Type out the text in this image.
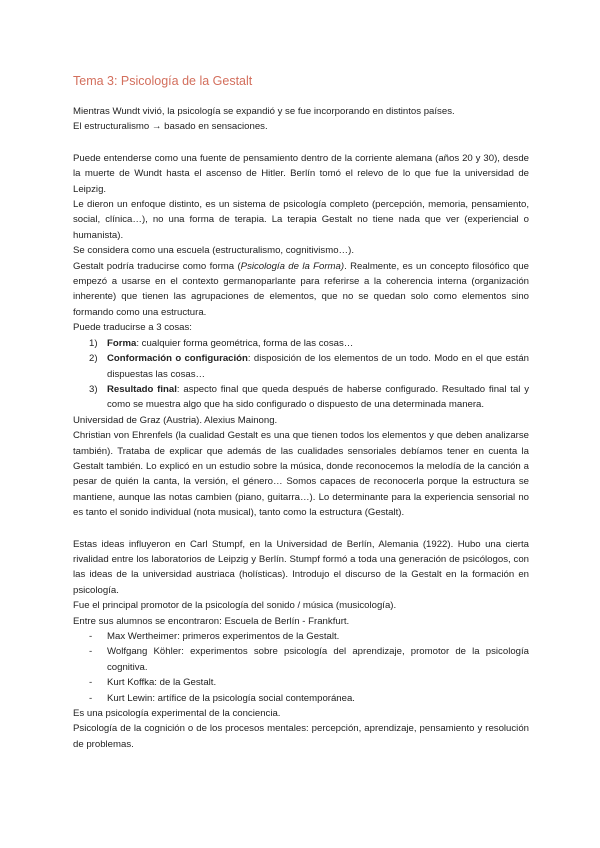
Tema 3: Psicología de la Gestalt

Mientras Wundt vivió, la psicología se expandió y se fue incorporando en distintos países.

El estructuralismo → basado en sensaciones.

Puede entenderse como una fuente de pensamiento dentro de la corriente alemana (años 20 y 30), desde la muerte de Wundt hasta el ascenso de Hitler. Berlín tomó el relevo de lo que fue la universidad de Leipzig.

Le dieron un enfoque distinto, es un sistema de psicología completo (percepción, memoria, pensamiento, social, clínica…), no una forma de terapia. La terapia Gestalt no tiene nada que ver (experiencial o humanista).

Se considera como una escuela (estructuralismo, cognitivismo…).

Gestalt podría traducirse como forma (Psicología de la Forma). Realmente, es un concepto filosófico que empezó a usarse en el contexto germanoparlante para referirse a la coherencia interna (organización inherente) que tienen las agrupaciones de elementos, que no se quedan solo como elementos sino formando como una estructura.

Puede traducirse a 3 cosas:

1) Forma: cualquier forma geométrica, forma de las cosas…
2) Conformación o configuración: disposición de los elementos de un todo. Modo en el que están dispuestas las cosas…
3) Resultado final: aspecto final que queda después de haberse configurado. Resultado final tal y como se muestra algo que ha sido configurado o dispuesto de una determinada manera.

Universidad de Graz (Austria). Alexius Mainong.

Christian von Ehrenfels (la cualidad Gestalt es una que tienen todos los elementos y que deben analizarse también). Trataba de explicar que además de las cualidades sensoriales debíamos tener en cuenta la Gestalt también. Lo explicó en un estudio sobre la música, donde reconocemos la melodía de la canción a pesar de quién la canta, la versión, el género… Somos capaces de reconocerla porque la estructura se mantiene, aunque las notas cambien (piano, guitarra…). Lo determinante para la experiencia sensorial no es tanto el sonido individual (nota musical), tanto como la estructura (Gestalt).

Estas ideas influyeron en Carl Stumpf, en la Universidad de Berlín, Alemania (1922). Hubo una cierta rivalidad entre los laboratorios de Leipzig y Berlín. Stumpf formó a toda una generación de psicólogos, con las ideas de la universidad austriaca (holísticas). Introdujo el discurso de la Gestalt en la formación en psicología.

Fue el principal promotor de la psicología del sonido / música (musicología).

Entre sus alumnos se encontraron: Escuela de Berlín - Frankfurt.

- Max Wertheimer: primeros experimentos de la Gestalt.
- Wolfgang Köhler: experimentos sobre psicología del aprendizaje, promotor de la psicología cognitiva.
- Kurt Koffka: de la Gestalt.
- Kurt Lewin: artífice de la psicología social contemporánea.

Es una psicología experimental de la conciencia.

Psicología de la cognición o de los procesos mentales: percepción, aprendizaje, pensamiento y resolución de problemas.
